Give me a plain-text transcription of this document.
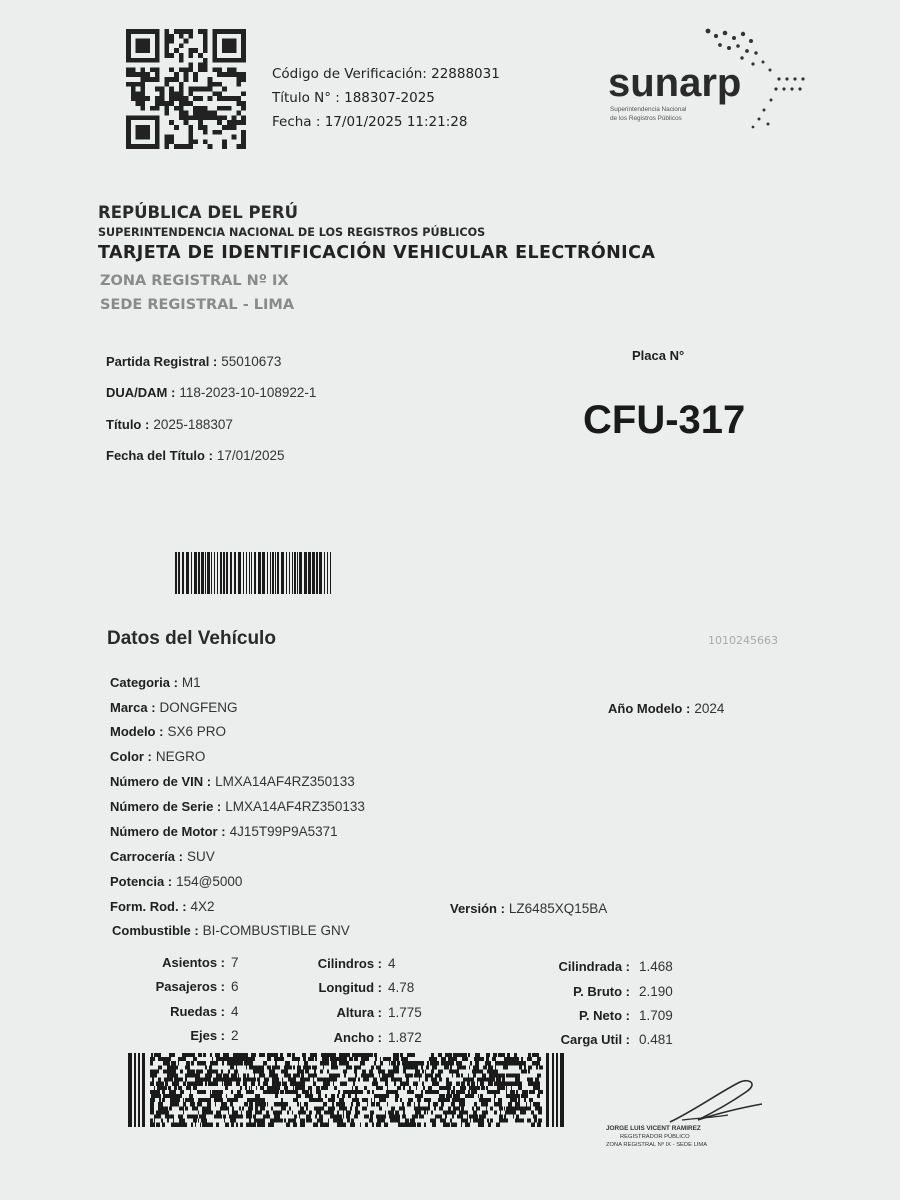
Código de Verificación: 22888031
Título N° : 188307-2025
Fecha : 17/01/2025 11:21:28
sunarp
Superintendencia Nacional
de los Registros Públicos
REPÚBLICA DEL PERÚ
SUPERINTENDENCIA NACIONAL DE LOS REGISTROS PÚBLICOS
TARJETA DE IDENTIFICACIÓN VEHICULAR ELECTRÓNICA
ZONA REGISTRAL Nº IX
SEDE REGISTRAL - LIMA
Partida Registral : 55010673
DUA/DAM : 118-2023-10-108922-1
Título : 2025-188307
Fecha del Título : 17/01/2025
Placa N°
CFU-317
Datos del Vehículo	1010245663
Categoria : M1
Marca : DONGFENG	Año Modelo : 2024
Modelo : SX6 PRO
Color : NEGRO
Número de VIN : LMXA14AF4RZ350133
Número de Serie : LMXA14AF4RZ350133
Número de Motor : 4J15T99P9A5371
Carrocería : SUV
Potencia : 154@5000
Form. Rod. : 4X2	Versión : LZ6485XQ15BA
Combustible : BI-COMBUSTIBLE GNV
Asientos : 7
Pasajeros : 6
Ruedas : 4
Ejes : 2
Cilindros : 4
Longitud : 4.78
Altura : 1.775
Ancho : 1.872
Cilindrada : 1.468
P. Bruto : 2.190
P. Neto : 1.709
Carga Util : 0.481
JORGE LUIS VICENT RAMIREZ
REGISTRADOR PÚBLICO
ZONA REGISTRAL Nº IX - SEDE LIMA
